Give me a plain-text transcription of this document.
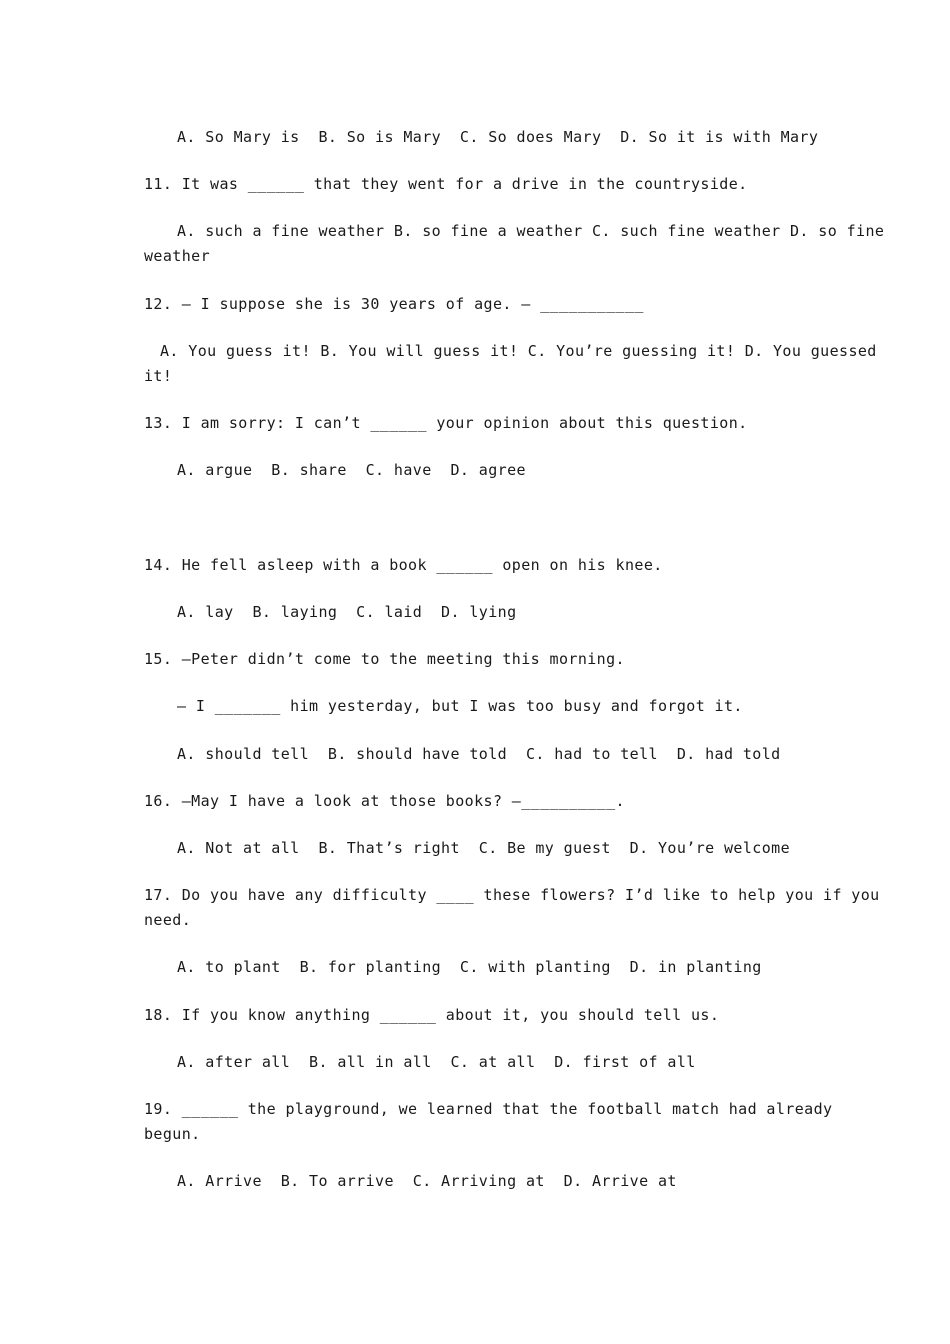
A. So Mary is  B. So is Mary  C. So does Mary  D. So it is with Mary
11. It was ______ that they went for a drive in the countryside.
A. such a fine weather B. so fine a weather C. such fine weather D. so fine
weather
12. — I suppose she is 30 years of age. — ___________
A. You guess it! B. You will guess it! C. You’re guessing it! D. You guessed
it!
13. I am sorry: I can’t ______ your opinion about this question.
A. argue  B. share  C. have  D. agree
14. He fell asleep with a book ______ open on his knee.
A. lay  B. laying  C. laid  D. lying
15. —Peter didn’t come to the meeting this morning.
— I _______ him yesterday, but I was too busy and forgot it.
A. should tell  B. should have told  C. had to tell  D. had told
16. —May I have a look at those books? —__________.
A. Not at all  B. That’s right  C. Be my guest  D. You’re welcome
17. Do you have any difficulty ____ these flowers? I’d like to help you if you
need.
A. to plant  B. for planting  C. with planting  D. in planting
18. If you know anything ______ about it, you should tell us.
A. after all  B. all in all  C. at all  D. first of all
19. ______ the playground, we learned that the football match had already
begun.
A. Arrive  B. To arrive  C. Arriving at  D. Arrive at
